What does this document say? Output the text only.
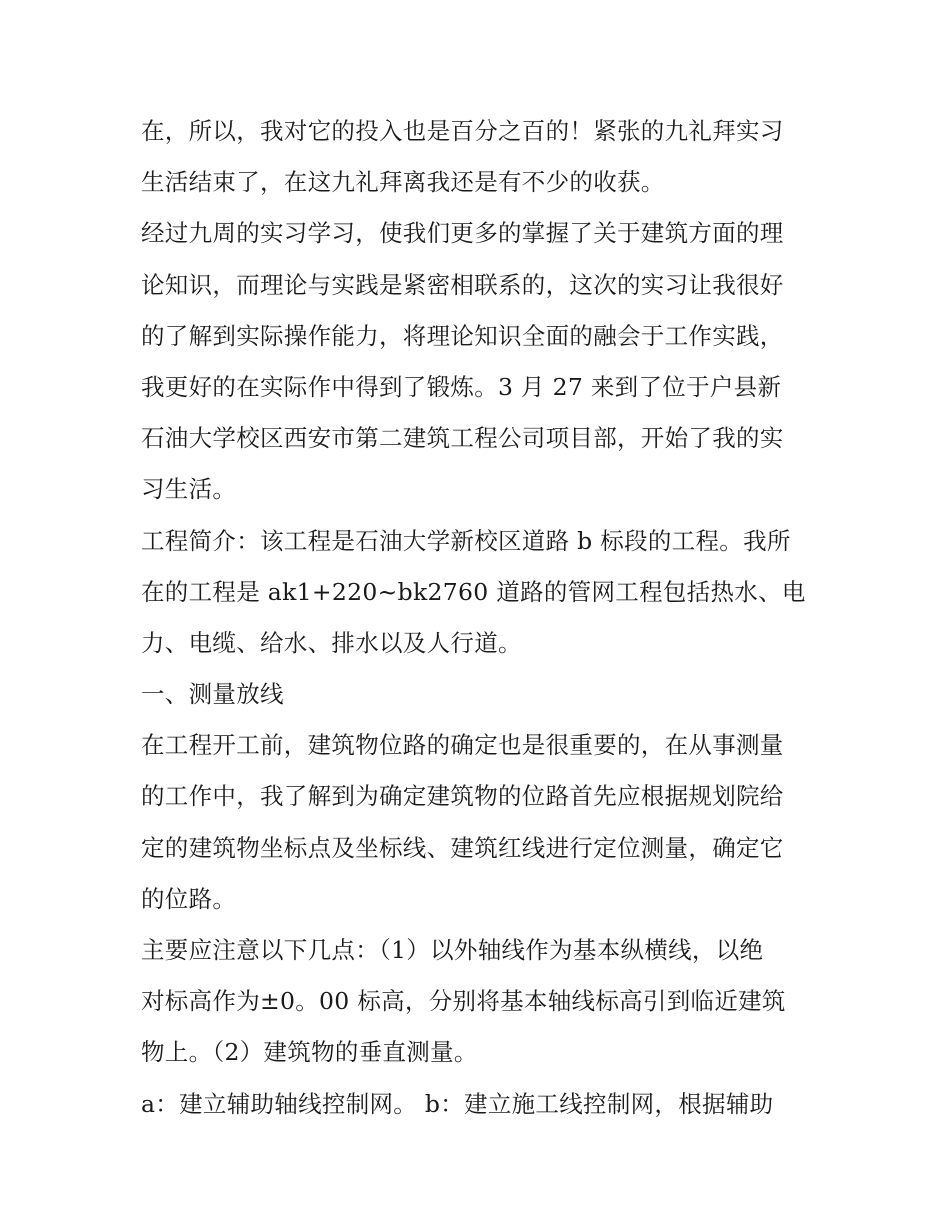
在，所以，我对它的投入也是百分之百的！紧张的九礼拜实习
生活结束了，在这九礼拜离我还是有不少的收获。
经过九周的实习学习，使我们更多的掌握了关于建筑方面的理
论知识，而理论与实践是紧密相联系的，这次的实习让我很好
的了解到实际操作能力，将理论知识全面的融会于工作实践，
我更好的在实际作中得到了锻炼。3 月 27 来到了位于户县新
石油大学校区西安市第二建筑工程公司项目部，开始了我的实
习生活。
工程简介：该工程是石油大学新校区道路 b 标段的工程。我所
在的工程是 ak1+220~bk2760 道路的管网工程包括热水、电
力、电缆、给水、排水以及人行道。
一、测量放线
在工程开工前，建筑物位路的确定也是很重要的，在从事测量
的工作中，我了解到为确定建筑物的位路首先应根据规划院给
定的建筑物坐标点及坐标线、建筑红线进行定位测量，确定它
的位路。
主要应注意以下几点：（1）以外轴线作为基本纵横线，以绝
对标高作为±0。00 标高，分别将基本轴线标高引到临近建筑
物上。（2）建筑物的垂直测量。
a：建立辅助轴线控制网。 b：建立施工线控制网，根据辅助
